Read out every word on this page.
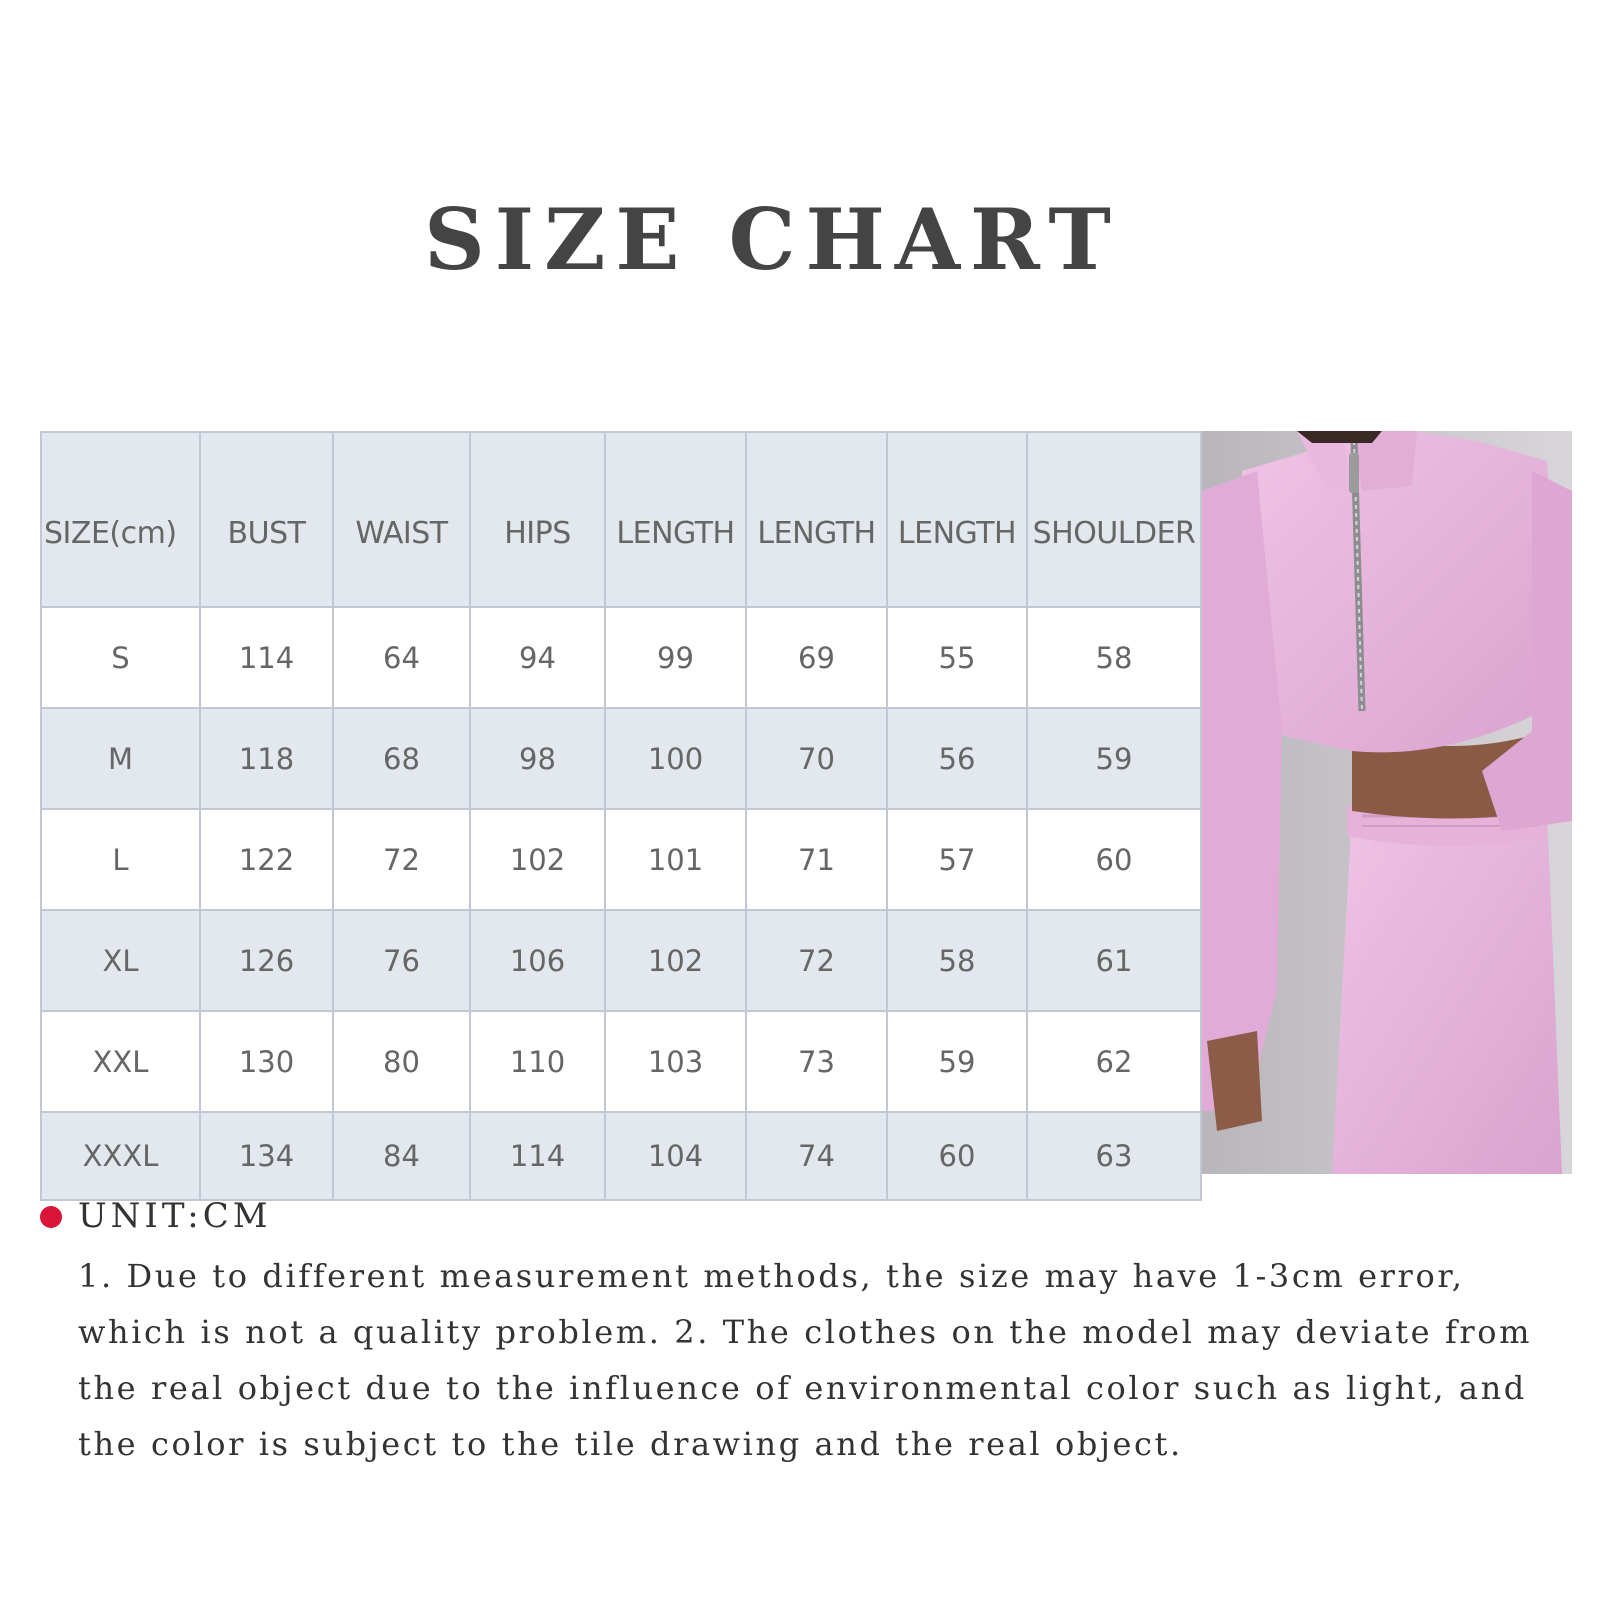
SIZE CHART
SIZE(cm)	BUST	WAIST	HIPS	LENGTH	LENGTH	LENGTH	SHOULDER
S	114	64	94	99	69	55	58
M	118	68	98	100	70	56	59
L	122	72	102	101	71	57	60
XL	126	76	106	102	72	58	61
XXL	130	80	110	103	73	59	62
XXXL	134	84	114	104	74	60	63
UNIT:CM
1. Due to different measurement methods, the size may have 1-3cm error, which is not a quality problem. 2. The clothes on the model may deviate from the real object due to the influence of environmental color such as light, and the color is subject to the tile drawing and the real object.
